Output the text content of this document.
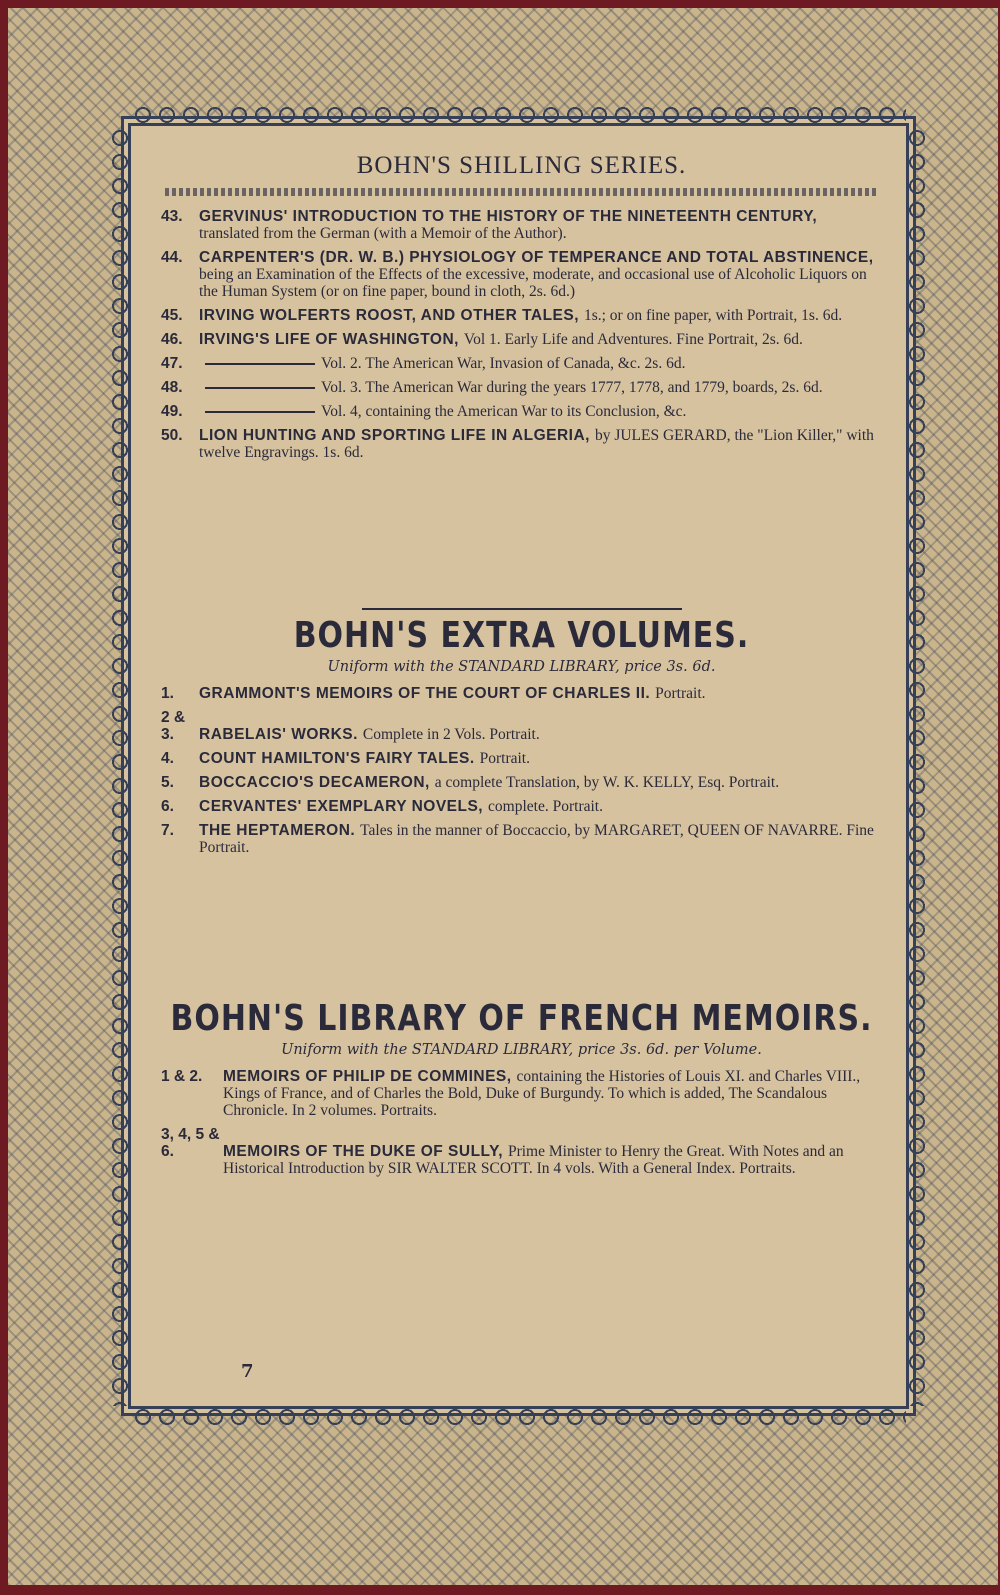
BOHN'S SHILLING SERIES.
43. GERVINUS' INTRODUCTION TO THE HISTORY OF THE NINETEENTH CENTURY, translated from the German (with a Memoir of the Author).
44. CARPENTER'S (DR. W. B.) PHYSIOLOGY OF TEMPERANCE AND TOTAL ABSTINENCE, being an Examination of the Effects of the excessive, moderate, and occasional use of Alcoholic Liquors on the Human System (or on fine paper, bound in cloth, 2s. 6d.)
45. IRVING WOLFERTS ROOST, AND OTHER TALES, 1s.; or on fine paper, with Portrait, 1s. 6d.
46. IRVING'S LIFE OF WASHINGTON, Vol 1. Early Life and Adventures. Fine Portrait, 2s. 6d.
47.	Vol. 2. The American War, Invasion of Canada, &c. 2s. 6d.
48.	Vol. 3. The American War during the years 1777, 1778, and 1779, boards, 2s. 6d.
49.	Vol. 4, containing the American War to its Conclusion, &c.
50. LION HUNTING AND SPORTING LIFE IN ALGERIA, by JULES GERARD, the "Lion Killer," with twelve Engravings. 1s. 6d.
BOHN'S EXTRA VOLUMES.
Uniform with the STANDARD LIBRARY, price 3s. 6d.
1. GRAMMONT'S MEMOIRS OF THE COURT OF CHARLES II. Portrait.
2 & 3. RABELAIS' WORKS. Complete in 2 Vols. Portrait.
4. COUNT HAMILTON'S FAIRY TALES. Portrait.
5. BOCCACCIO'S DECAMERON, a complete Translation, by W. K. KELLY, Esq. Portrait.
6. CERVANTES' EXEMPLARY NOVELS, complete. Portrait.
7. THE HEPTAMERON. Tales in the manner of Boccaccio, by MARGARET, QUEEN OF NAVARRE. Fine Portrait.
BOHN'S LIBRARY OF FRENCH MEMOIRS.
Uniform with the STANDARD LIBRARY, price 3s. 6d. per Volume.
1 & 2. MEMOIRS OF PHILIP DE COMMINES, containing the Histories of Louis XI. and Charles VIII., Kings of France, and of Charles the Bold, Duke of Burgundy. To which is added, The Scandalous Chronicle. In 2 volumes. Portraits.
3, 4, 5 & 6.	MEMOIRS OF THE DUKE OF SULLY, Prime Minister to Henry the Great. With Notes and an Historical Introduction by SIR WALTER SCOTT. In 4 vols. With a General Index. Portraits.
7
